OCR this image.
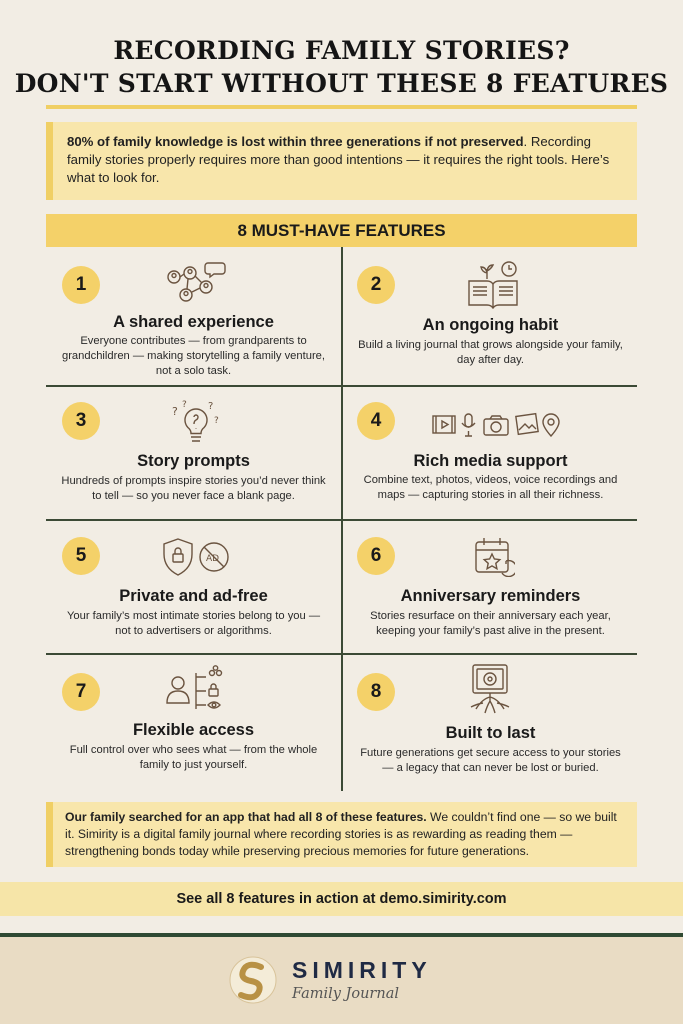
RECORDING FAMILY STORIES?
DON'T START WITHOUT THESE 8 FEATURES
80% of family knowledge is lost within three generations if not preserved. Recording family stories properly requires more than good intentions — it requires the right tools. Here’s what to look for.
8 MUST-HAVE FEATURES
1
A shared experience
Everyone contributes — from grandparents to grandchildren — making storytelling a family venture, not a solo task.
2
An ongoing habit
Build a living journal that grows alongside your family, day after day.
3	? ? ?
?
Story prompts
Hundreds of prompts inspire stories you’d never think to tell — so you never face a blank page.
4
Rich media support
Combine text, photos, videos, voice recordings and maps — capturing stories in all their richness.
5	AD
Private and ad-free
Your family’s most intimate stories belong to you — not to advertisers or algorithms.
6
Anniversary reminders
Stories resurface on their anniversary each year, keeping your family’s past alive in the present.
7
Flexible access
Full control over who sees what — from the whole family to just yourself.
8
Built to last
Future generations get secure access to your stories — a legacy that can never be lost or buried.
Our family searched for an app that had all 8 of these features. We couldn’t find one — so we built it. Simirity is a digital family journal where recording stories is as rewarding as reading them — strengthening bonds today while preserving precious memories for future generations.
See all 8 features in action at demo.simirity.com
SIMIRITY
Family Journal
